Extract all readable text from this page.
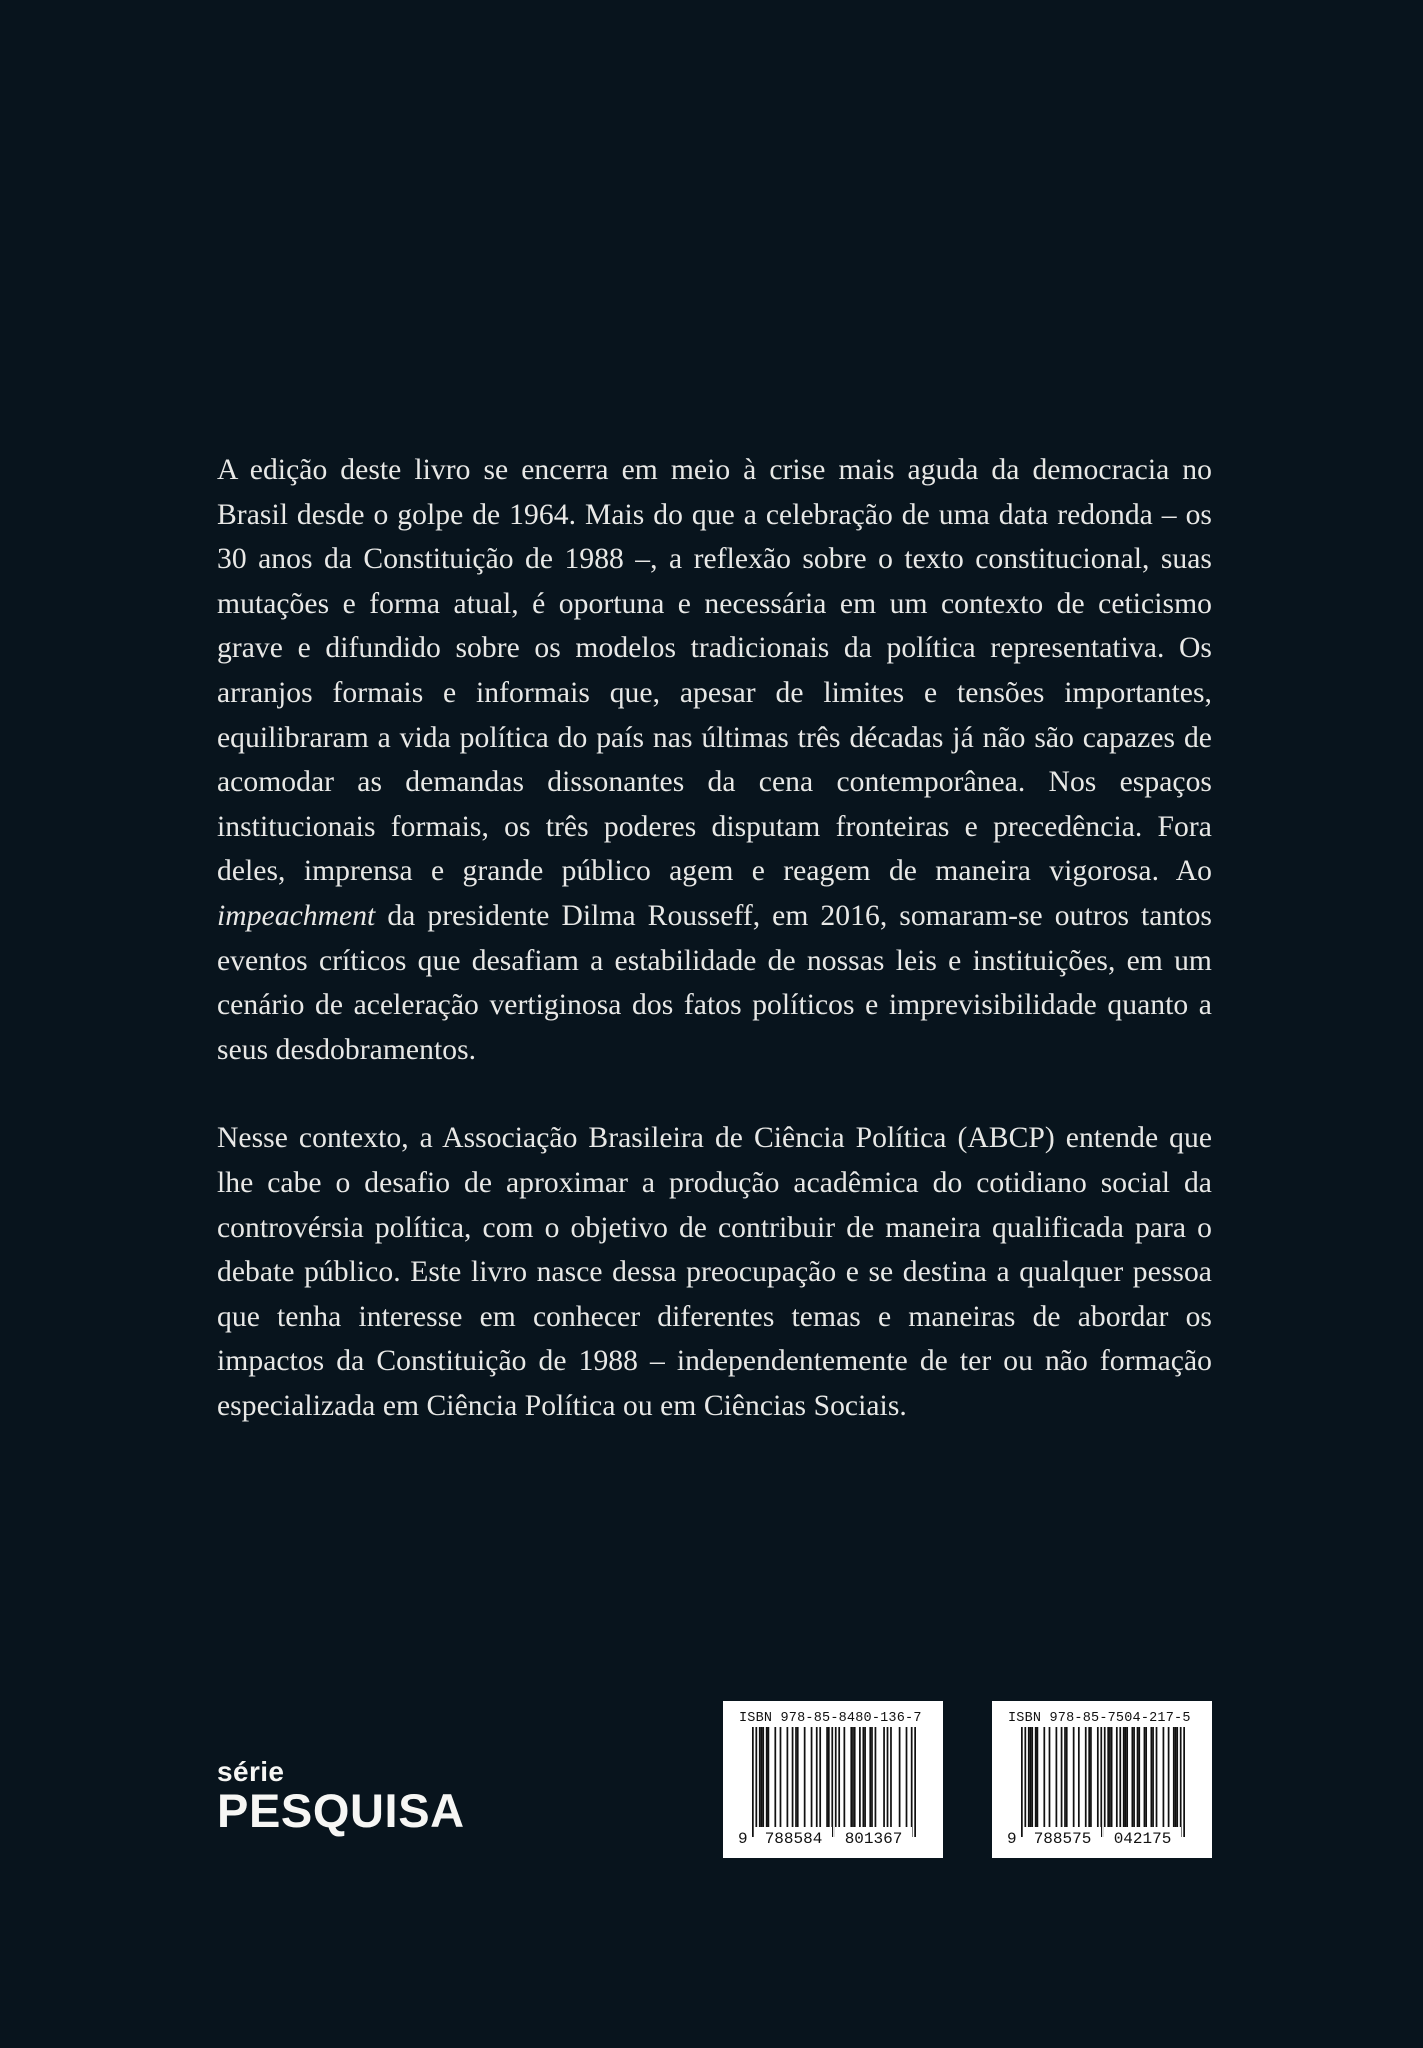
A edição deste livro se encerra em meio à crise mais aguda da democracia no Brasil desde o golpe de 1964. Mais do que a celebração de uma data redonda – os 30 anos da Constituição de 1988 –, a reflexão sobre o texto constitucional, suas mutações e forma atual, é oportuna e necessária em um contexto de ceticismo grave e difundido sobre os modelos tradicionais da política representativa. Os arranjos formais e informais que, apesar de limites e tensões importantes, equilibraram a vida política do país nas últimas três décadas já não são capazes de acomodar as demandas dissonantes da cena contemporânea. Nos espaços institucionais formais, os três poderes disputam fronteiras e precedência. Fora deles, imprensa e grande público agem e reagem de maneira vigorosa. Ao impeachment da presidente Dilma Rousseff, em 2016, somaram-se outros tantos eventos críticos que desafiam a estabilidade de nossas leis e instituições, em um cenário de aceleração vertiginosa dos fatos políticos e imprevisibilidade quanto a seus desdobramentos.

Nesse contexto, a Associação Brasileira de Ciência Política (ABCP) entende que lhe cabe o desafio de aproximar a produção acadêmica do cotidiano social da controvérsia política, com o objetivo de contribuir de maneira qualificada para o debate público. Este livro nasce dessa preocupação e se destina a qualquer pessoa que tenha interesse em conhecer diferentes temas e maneiras de abordar os impactos da Constituição de 1988 – independentemente de ter ou não formação especializada em Ciência Política ou em Ciências Sociais.

série
PESQUISA
ISBN 978-85-8480-136-7
9	788584	801367
ISBN 978-85-7504-217-5
9	788575	042175
